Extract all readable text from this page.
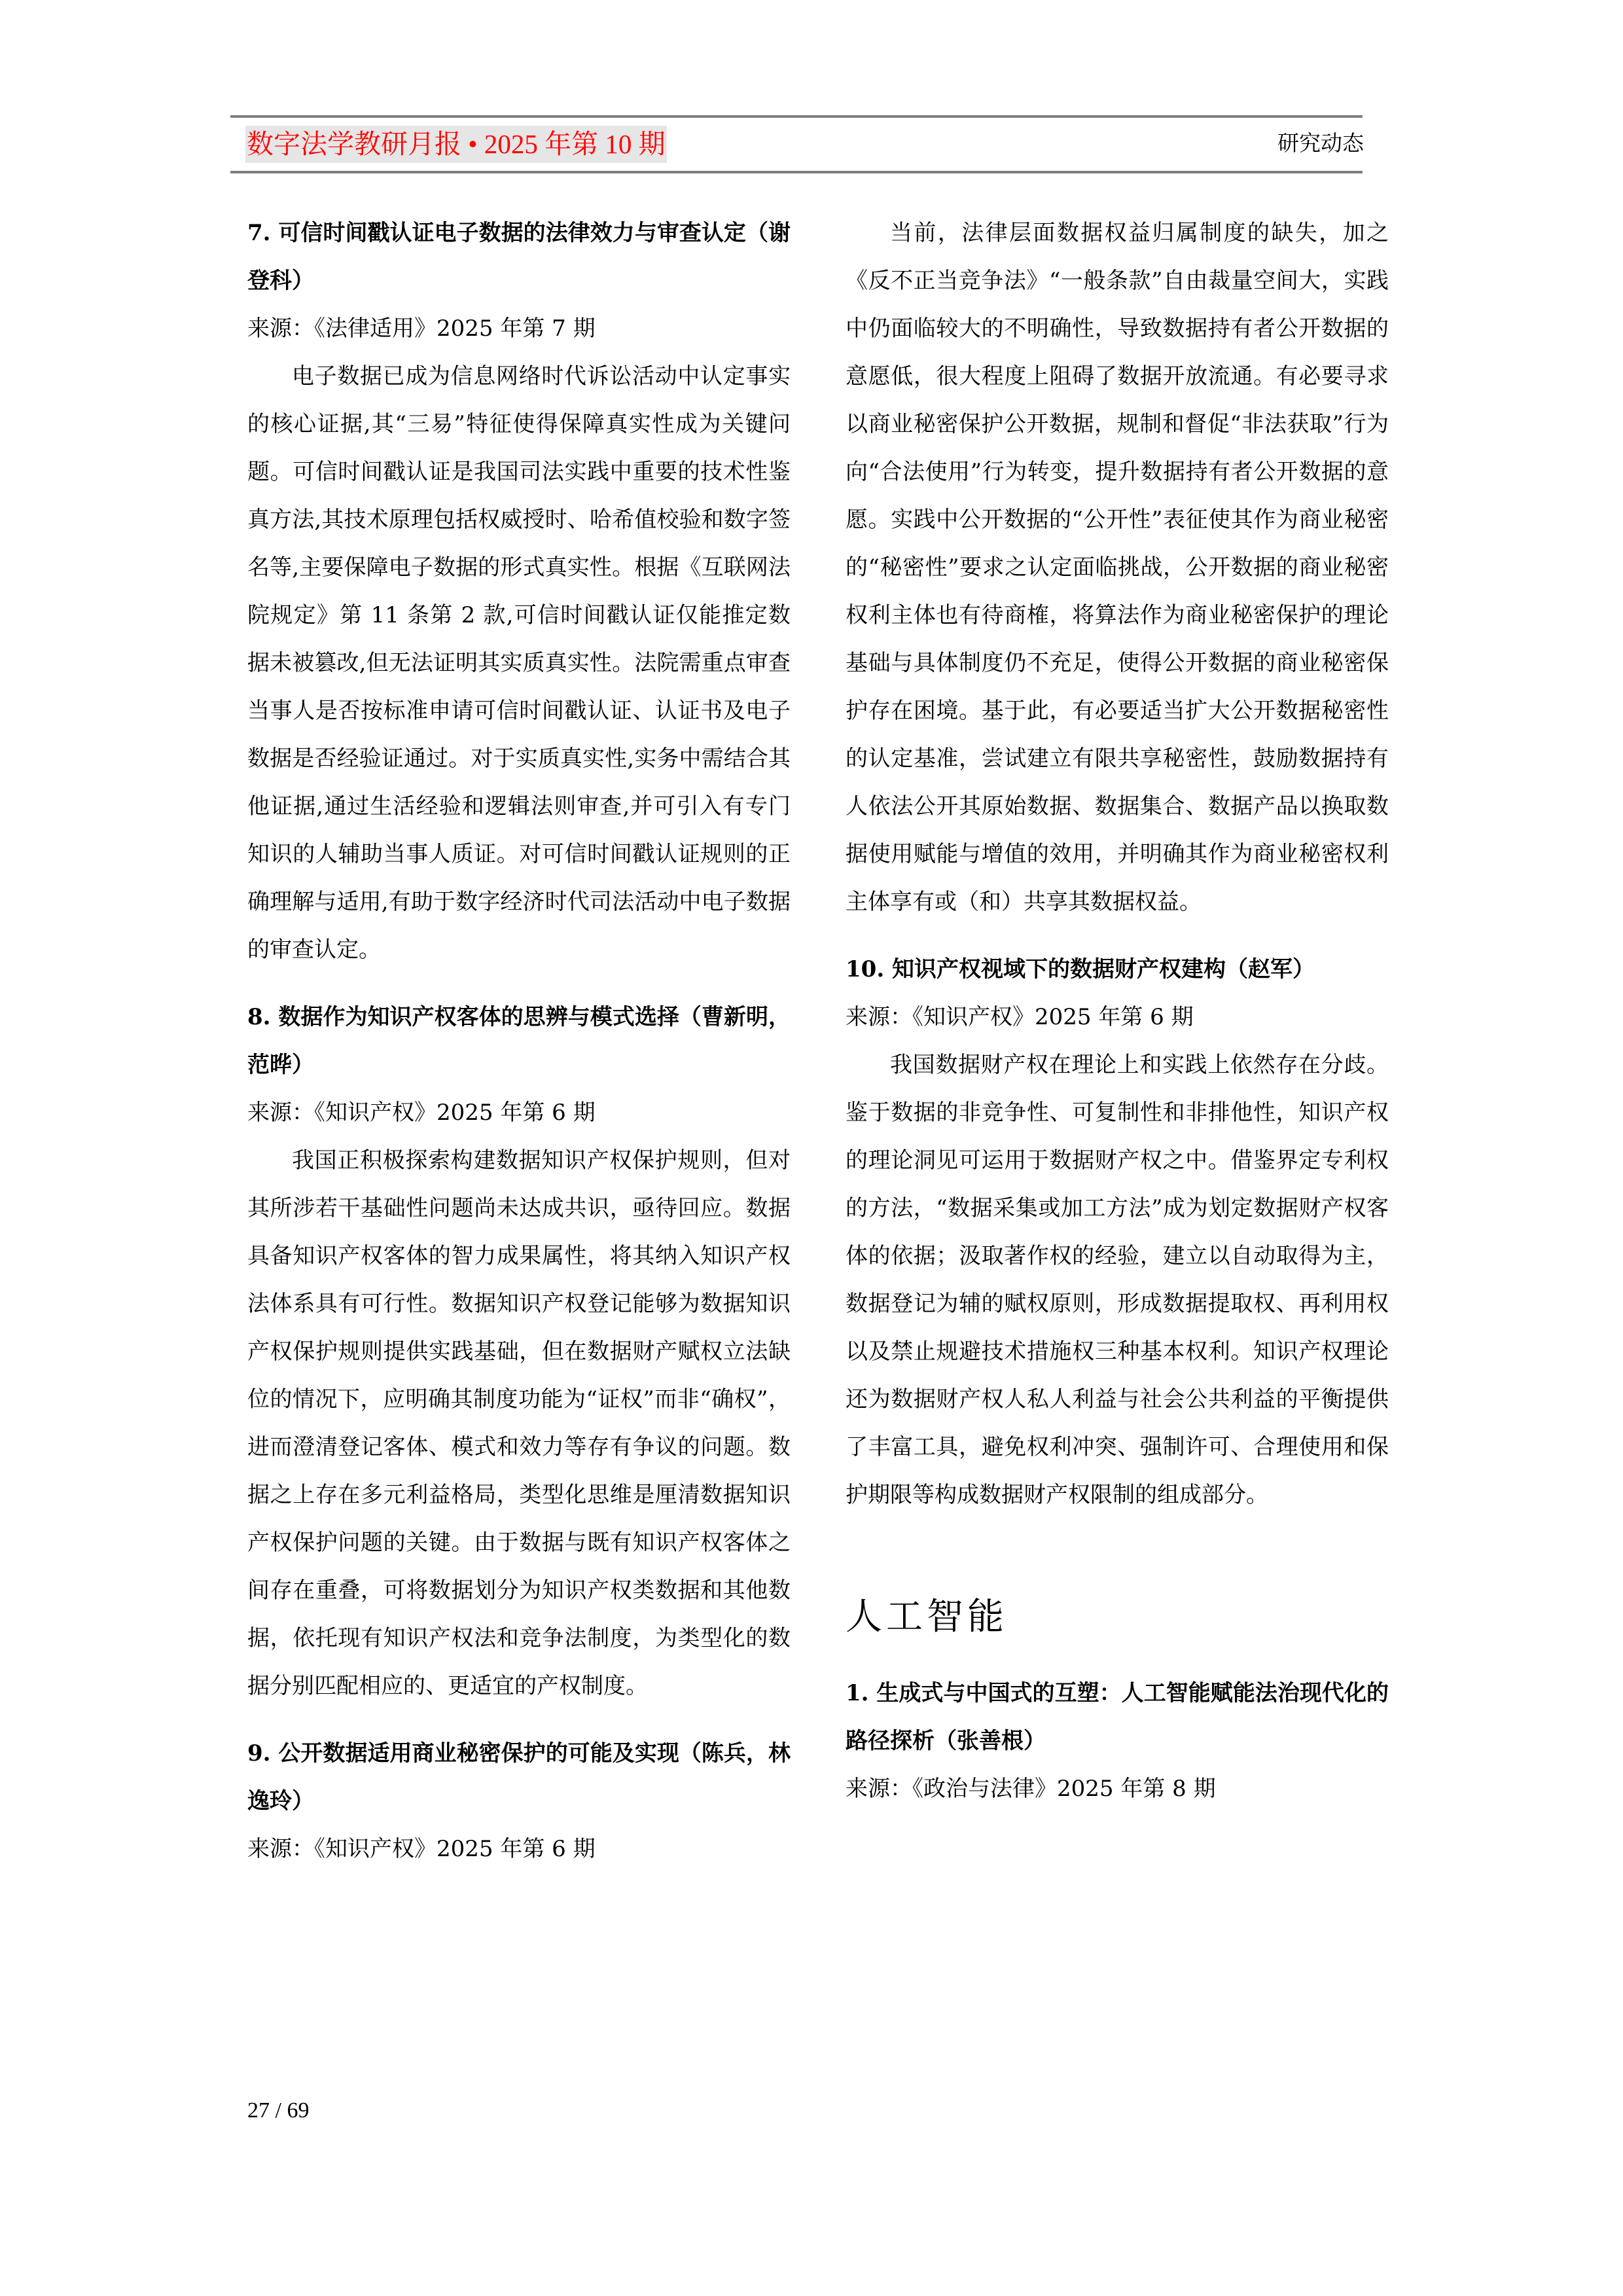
数字法学教研月报 • 2025 年第 10 期	研究动态

7. 可信时间戳认证电子数据的法律效力与审查认定（谢登科）

来源：《法律适用》2025 年第 7 期

电子数据已成为信息网络时代诉讼活动中认定事实的核心证据,其“三易”特征使得保障真实性成为关键问题。可信时间戳认证是我国司法实践中重要的技术性鉴真方法,其技术原理包括权威授时、哈希值校验和数字签名等,主要保障电子数据的形式真实性。根据《互联网法院规定》第 11 条第 2 款,可信时间戳认证仅能推定数据未被篡改,但无法证明其实质真实性。法院需重点审查当事人是否按标准申请可信时间戳认证、认证书及电子数据是否经验证通过。对于实质真实性,实务中需结合其他证据,通过生活经验和逻辑法则审查,并可引入有专门知识的人辅助当事人质证。对可信时间戳认证规则的正确理解与适用,有助于数字经济时代司法活动中电子数据的审查认定。

8. 数据作为知识产权客体的思辨与模式选择（曹新明，范晔）

来源：《知识产权》2025 年第 6 期

我国正积极探索构建数据知识产权保护规则，但对其所涉若干基础性问题尚未达成共识，亟待回应。数据具备知识产权客体的智力成果属性，将其纳入知识产权法体系具有可行性。数据知识产权登记能够为数据知识产权保护规则提供实践基础，但在数据财产赋权立法缺位的情况下，应明确其制度功能为“证权”而非“确权”，进而澄清登记客体、模式和效力等存有争议的问题。数据之上存在多元利益格局，类型化思维是厘清数据知识产权保护问题的关键。由于数据与既有知识产权客体之间存在重叠，可将数据划分为知识产权类数据和其他数据，依托现有知识产权法和竞争法制度，为类型化的数据分别匹配相应的、更适宜的产权制度。

9. 公开数据适用商业秘密保护的可能及实现（陈兵，林逸玲）

来源：《知识产权》2025 年第 6 期

当前，法律层面数据权益归属制度的缺失，加之《反不正当竞争法》“一般条款”自由裁量空间大，实践中仍面临较大的不明确性，导致数据持有者公开数据的意愿低，很大程度上阻碍了数据开放流通。有必要寻求以商业秘密保护公开数据，规制和督促“非法获取”行为向“合法使用”行为转变，提升数据持有者公开数据的意愿。实践中公开数据的“公开性”表征使其作为商业秘密的“秘密性”要求之认定面临挑战，公开数据的商业秘密权利主体也有待商榷，将算法作为商业秘密保护的理论基础与具体制度仍不充足，使得公开数据的商业秘密保护存在困境。基于此，有必要适当扩大公开数据秘密性的认定基准，尝试建立有限共享秘密性，鼓励数据持有人依法公开其原始数据、数据集合、数据产品以换取数据使用赋能与增值的效用，并明确其作为商业秘密权利主体享有或（和）共享其数据权益。

10. 知识产权视域下的数据财产权建构（赵军）

来源：《知识产权》2025 年第 6 期

我国数据财产权在理论上和实践上依然存在分歧。鉴于数据的非竞争性、可复制性和非排他性，知识产权的理论洞见可运用于数据财产权之中。借鉴界定专利权的方法，“数据采集或加工方法”成为划定数据财产权客体的依据；汲取著作权的经验，建立以自动取得为主，数据登记为辅的赋权原则，形成数据提取权、再利用权以及禁止规避技术措施权三种基本权利。知识产权理论还为数据财产权人私人利益与社会公共利益的平衡提供了丰富工具，避免权利冲突、强制许可、合理使用和保护期限等构成数据财产权限制的组成部分。

人工智能

1. 生成式与中国式的互塑：人工智能赋能法治现代化的路径探析（张善根）

来源：《政治与法律》2025 年第 8 期

27 / 69
